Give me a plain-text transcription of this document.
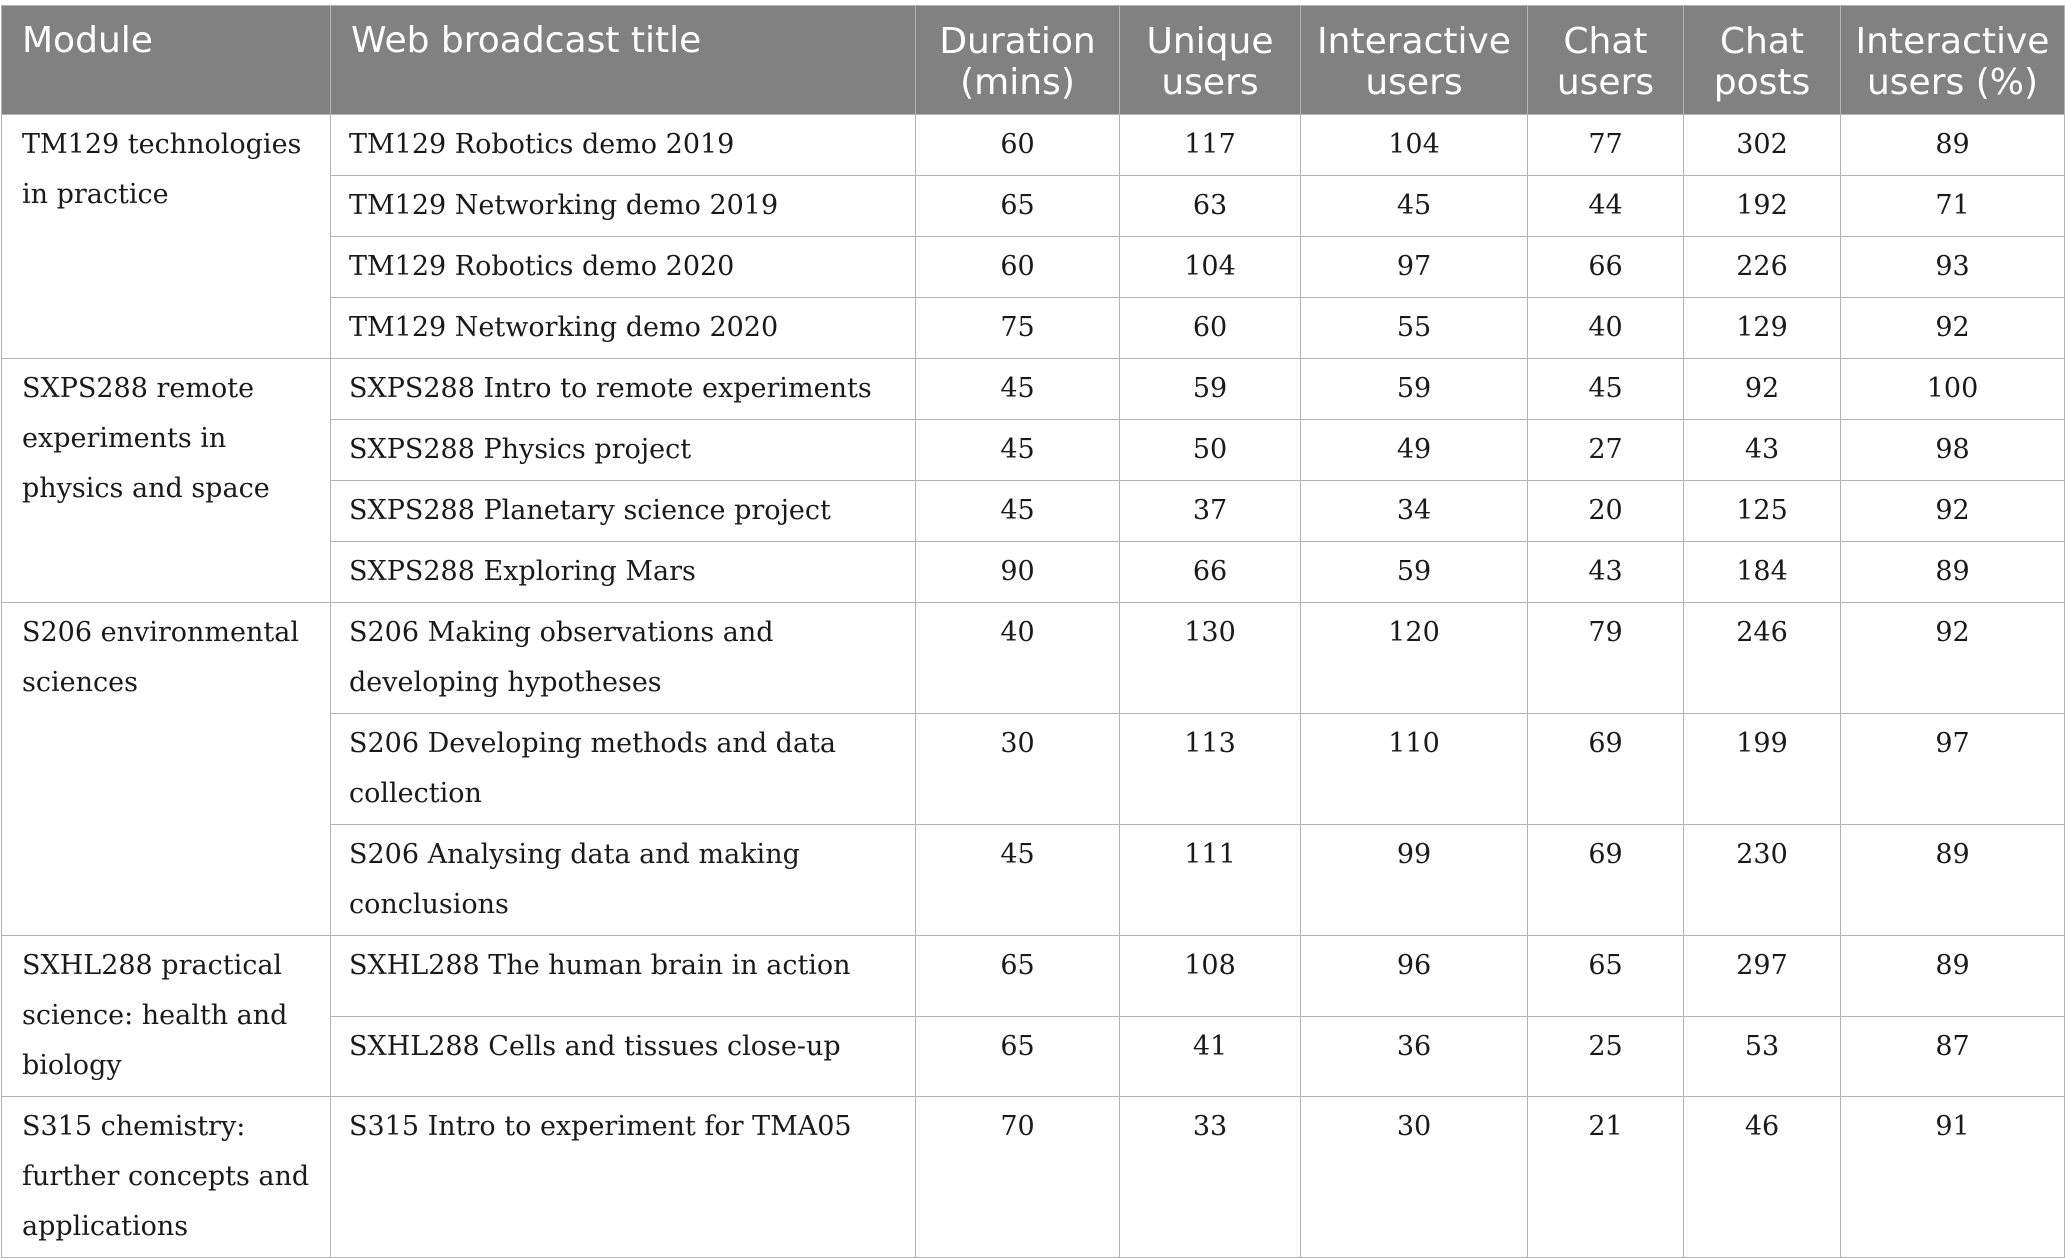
Module	Web broadcast title	Duration (mins)	Unique users	Interactive users	Chat users	Chat posts	Interactive users (%)
TM129 technologies in practice	TM129 Robotics demo 2019	60	117	104	77	302	89
	TM129 Networking demo 2019	65	63	45	44	192	71
	TM129 Robotics demo 2020	60	104	97	66	226	93
	TM129 Networking demo 2020	75	60	55	40	129	92
SXPS288 remote experiments in physics and space	SXPS288 Intro to remote experiments	45	59	59	45	92	100
	SXPS288 Physics project	45	50	49	27	43	98
	SXPS288 Planetary science project	45	37	34	20	125	92
	SXPS288 Exploring Mars	90	66	59	43	184	89
S206 environmental sciences	S206 Making observations and developing hypotheses	40	130	120	79	246	92
	S206 Developing methods and data collection	30	113	110	69	199	97
	S206 Analysing data and making conclusions	45	111	99	69	230	89
SXHL288 practical science: health and biology	SXHL288 The human brain in action	65	108	96	65	297	89
	SXHL288 Cells and tissues close-up	65	41	36	25	53	87
S315 chemistry: further concepts and applications	S315 Intro to experiment for TMA05	70	33	30	21	46	91
